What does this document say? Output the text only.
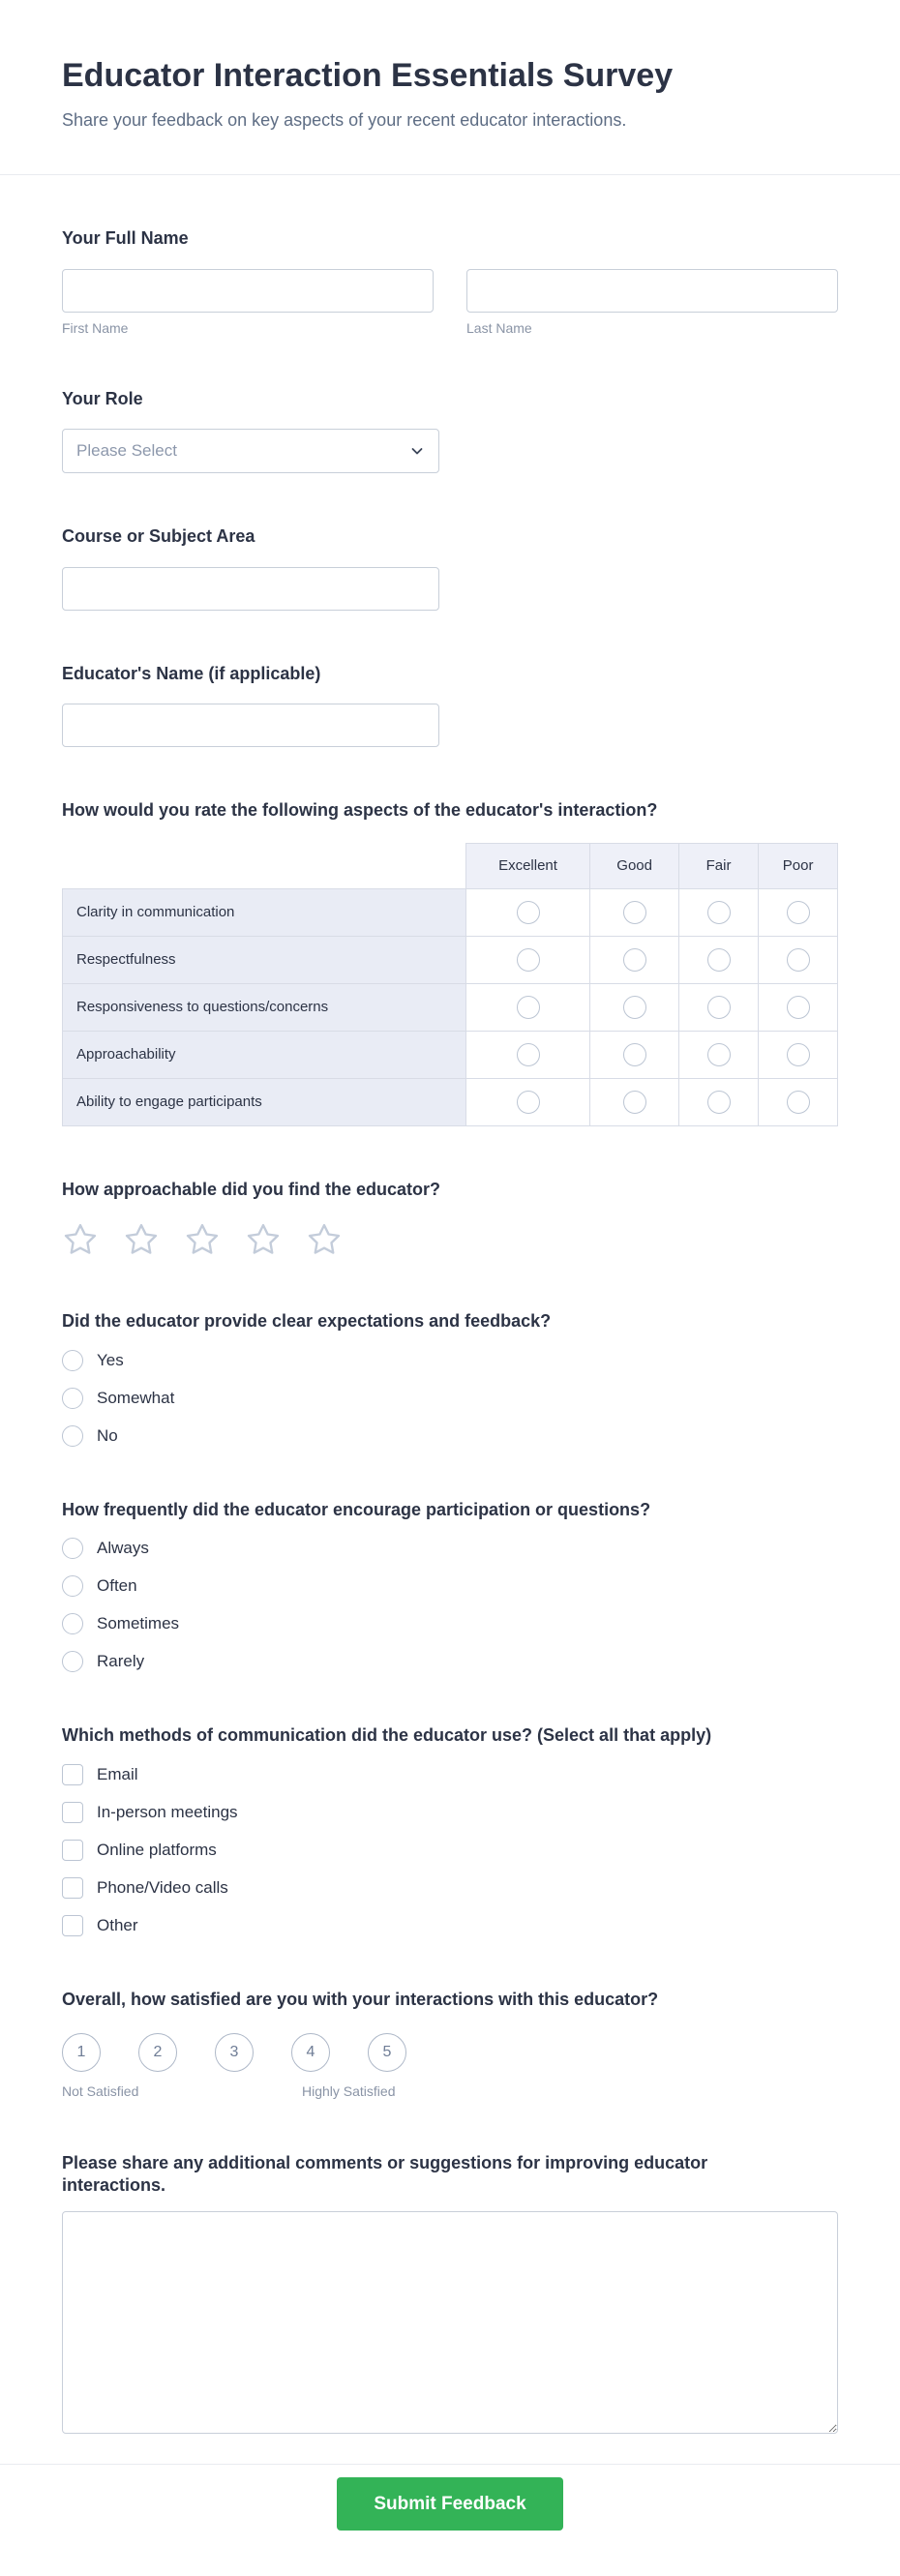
Educator Interaction Essentials Survey
Share your feedback on key aspects of your recent educator interactions.
Your Full Name
First Name	Last Name
Your Role
Please Select
Course or Subject Area
Educator's Name (if applicable)
How would you rate the following aspects of the educator's interaction?
	Excellent	Good	Fair	Poor
Clarity in communication				
Respectfulness				
Responsiveness to questions/concerns				
Approachability				
Ability to engage participants				
How approachable did you find the educator?
Did the educator provide clear expectations and feedback?
Yes
Somewhat
No
How frequently did the educator encourage participation or questions?
Always
Often
Sometimes
Rarely
Which methods of communication did the educator use? (Select all that apply)
Email
In-person meetings
Online platforms
Phone/Video calls
Other
Overall, how satisfied are you with your interactions with this educator?
1	2	3	4	5
Not Satisfied	Highly Satisfied
Please share any additional comments or suggestions for improving educator interactions.
Submit Feedback
